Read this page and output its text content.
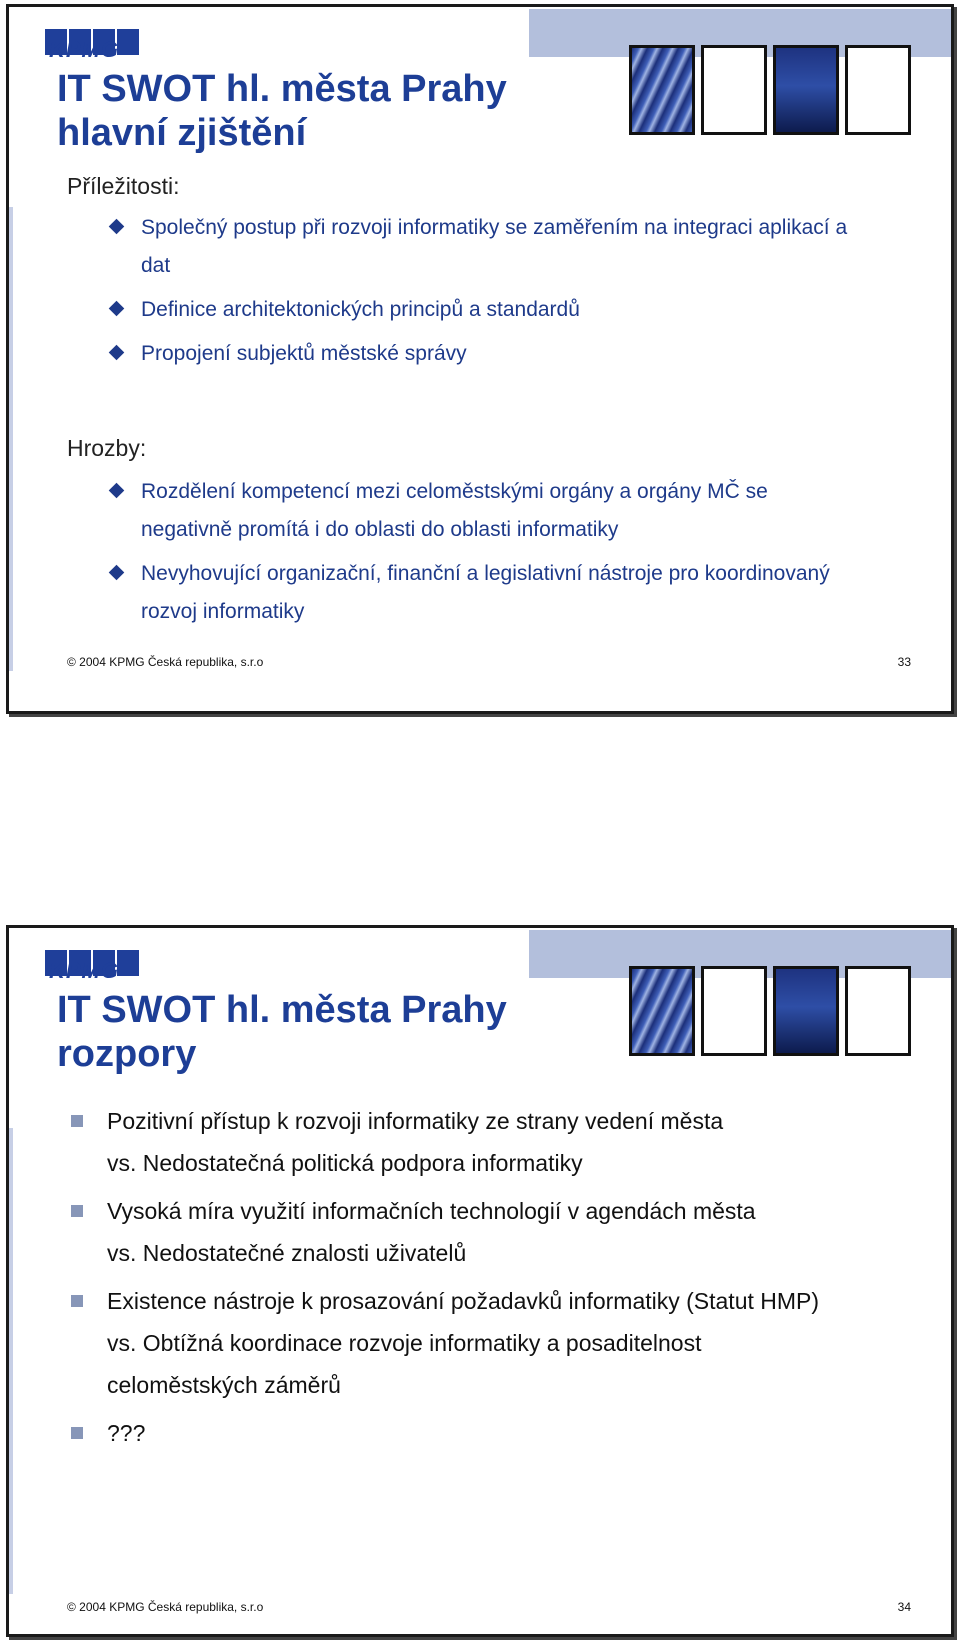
KPMG
IT SWOT hl. města Prahy
hlavní zjištění
Příležitosti:
Společný postup při rozvoji informatiky se zaměřením na integraci aplikací a dat
Definice architektonických principů a standardů
Propojení subjektů městské správy
Hrozby:
Rozdělení kompetencí mezi celoměstskými orgány a orgány MČ se negativně promítá i do oblasti do oblasti informatiky
Nevyhovující organizační, finanční a legislativní nástroje pro koordinovaný rozvoj informatiky
© 2004 KPMG Česká republika, s.r.o	33
KPMG
IT SWOT hl. města Prahy
rozpory
Pozitivní přístup k rozvoji informatiky ze strany vedení města
vs. Nedostatečná politická podpora informatiky
Vysoká míra využití informačních technologií v agendách města
vs. Nedostatečné znalosti uživatelů
Existence nástroje k prosazování požadavků informatiky (Statut HMP)
vs. Obtížná koordinace rozvoje informatiky a posaditelnost celoměstských záměrů
???
© 2004 KPMG Česká republika, s.r.o	34
